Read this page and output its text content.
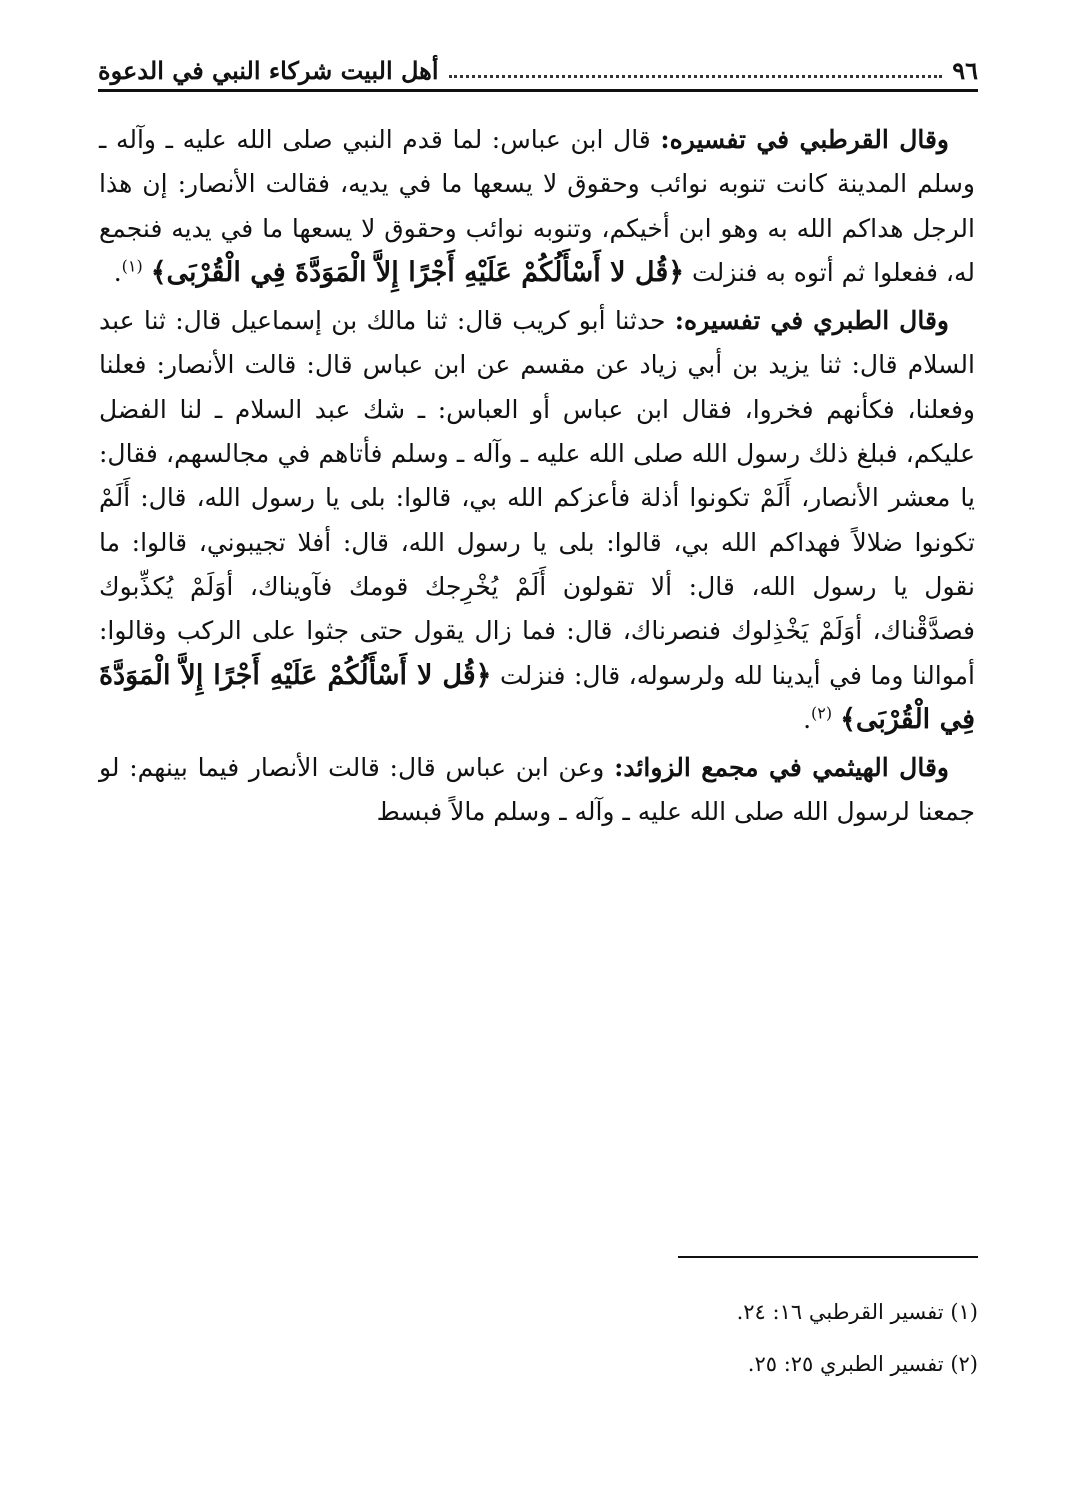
٩٦
أهل البيت شركاء النبي في الدعوة

وقال القرطبي في تفسيره: قال ابن عباس: لما قدم النبي صلى الله عليه ـ وآله ـ وسلم المدينة كانت تنوبه نوائب وحقوق لا يسعها ما في يديه، فقالت الأنصار: إن هذا الرجل هداكم الله به وهو ابن أخيكم، وتنوبه نوائب وحقوق لا يسعها ما في يديه فنجمع له، ففعلوا ثم أتوه به فنزلت ﴿قُل لا أَسْأَلُكُمْ عَلَيْهِ أَجْرًا إِلاَّ الْمَوَدَّةَ فِي الْقُرْبَى﴾ $^{(١)}$.

وقال الطبري في تفسيره: حدثنا أبو كريب قال: ثنا مالك بن إسماعيل قال: ثنا عبد السلام قال: ثنا يزيد بن أبي زياد عن مقسم عن ابن عباس قال: قالت الأنصار: فعلنا وفعلنا، فكأنهم فخروا، فقال ابن عباس أو العباس: ـ شك عبد السلام ـ لنا الفضل عليكم، فبلغ ذلك رسول الله صلى الله عليه ـ وآله ـ وسلم فأتاهم في مجالسهم، فقال: يا معشر الأنصار، أَلَمْ تكونوا أذلة فأعزكم الله بي، قالوا: بلى يا رسول الله، قال: أَلَمْ تكونوا ضلالاً فهداكم الله بي، قالوا: بلى يا رسول الله، قال: أفلا تجيبوني، قالوا: ما نقول يا رسول الله، قال: ألا تقولون أَلَمْ يُخْرِجك قومك فآويناك، أوَلَمْ يُكذِّبوك فصدَّقْناك، أوَلَمْ يَخْذِلوك فنصرناك، قال: فما زال يقول حتى جثوا على الركب وقالوا: أموالنا وما في أيدينا لله ولرسوله، قال: فنزلت ﴿قُل لا أَسْأَلُكُمْ عَلَيْهِ أَجْرًا إِلاَّ الْمَوَدَّةَ فِي الْقُرْبَى﴾ $^{(٢)}$.

وقال الهيثمي في مجمع الزوائد: وعن ابن عباس قال: قالت الأنصار فيما بينهم: لو جمعنا لرسول الله صلى الله عليه ـ وآله ـ وسلم مالاً فبسط

(١) تفسير القرطبي ١٦: ٢٤.

(٢) تفسير الطبري ٢٥: ٢٥.
